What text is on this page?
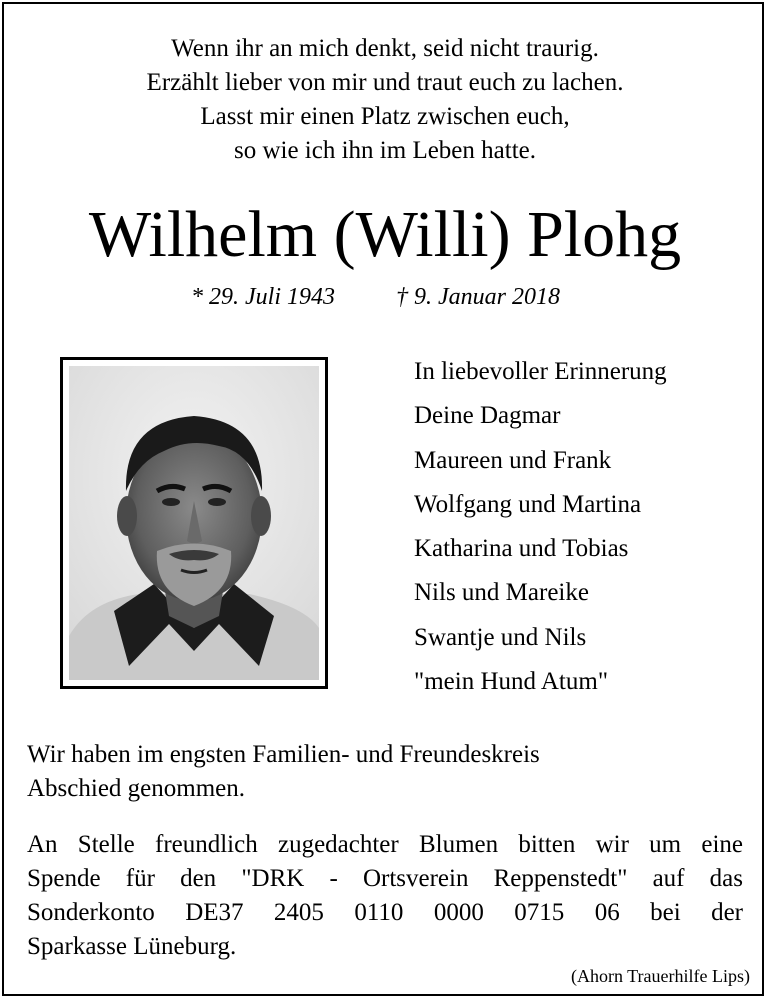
Wenn ihr an mich denkt, seid nicht traurig.
Erzählt lieber von mir und traut euch zu lachen.
Lasst mir einen Platz zwischen euch,
so wie ich ihn im Leben hatte.
Wilhelm (Willi) Plohg
* 29. Juli 1943	† 9. Januar 2018
In liebevoller Erinnerung
Deine Dagmar
Maureen und Frank
Wolfgang und Martina
Katharina und Tobias
Nils und Mareike
Swantje und Nils
"mein Hund Atum"
Wir haben im engsten Familien- und Freundeskreis
Abschied genommen.
An Stelle freundlich zugedachter Blumen bitten wir um eine
Spende für den "DRK - Ortsverein Reppenstedt" auf das
Sonderkonto DE37 2405 0110 0000 0715 06 bei der
Sparkasse Lüneburg.
(Ahorn Trauerhilfe Lips)
